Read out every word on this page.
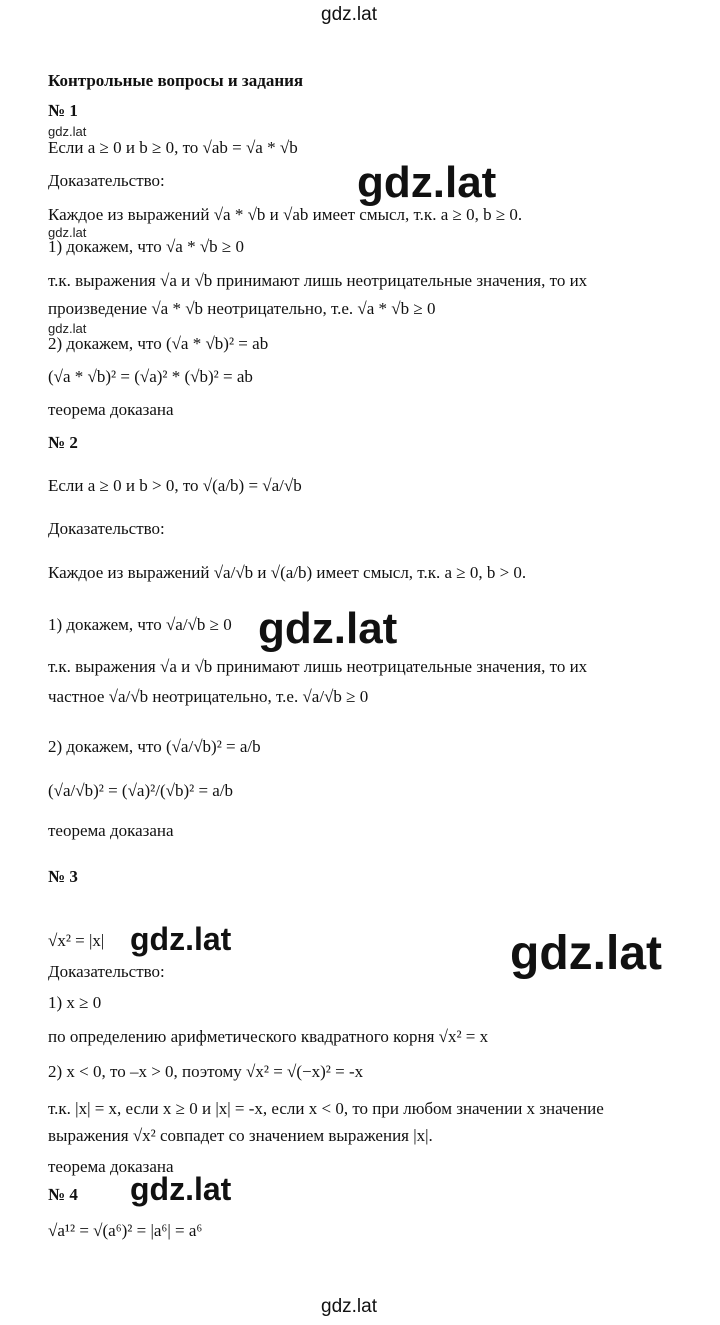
gdz.lat
Контрольные вопросы и задания
№ 1
gdz.lat
Если a ≥ 0 и b ≥ 0, то √ab = √a * √b
Доказательство:
Каждое из выражений √a * √b и √ab имеет смысл, т.к. a ≥ 0, b ≥ 0.
gdz.lat
1) докажем, что √a * √b ≥ 0
т.к. выражения √a и √b принимают лишь неотрицательные значения, то их
произведение √a * √b неотрицательно, т.е. √a * √b ≥ 0
gdz.lat
2) докажем, что (√a * √b)² = ab
(√a * √b)² = (√a)² * (√b)² = ab
теорема доказана
gdz.lat
№ 2
Если a ≥ 0 и b > 0, то √(a/b) = √a/√b
Доказательство:
Каждое из выражений √a/√b и √(a/b) имеет смысл, т.к. a ≥ 0, b > 0.
1) докажем, что √a/√b ≥ 0
т.к. выражения √a и √b принимают лишь неотрицательные значения, то их
частное √a/√b неотрицательно, т.е. √a/√b ≥ 0
2) докажем, что (√a/√b)² = a/b
(√a/√b)² = (√a)²/(√b)² = a/b
теорема доказана
gdz.lat
№ 3
√x² = |x| gdz.lat	gdz.lat
Доказательство:
1) x ≥ 0
по определению арифметического квадратного корня √x² = x
2) x < 0, то –x > 0, поэтому √x² = √(−x)² = -x
т.к. |x| = x, если x ≥ 0 и |x| = -x, если x < 0, то при любом значении x значение
выражения √x² совпадет со значением выражения |x|.
теорема доказана
№ 4 gdz.lat
√a¹² = √(a⁶)² = |a⁶| = a⁶
gdz.lat
